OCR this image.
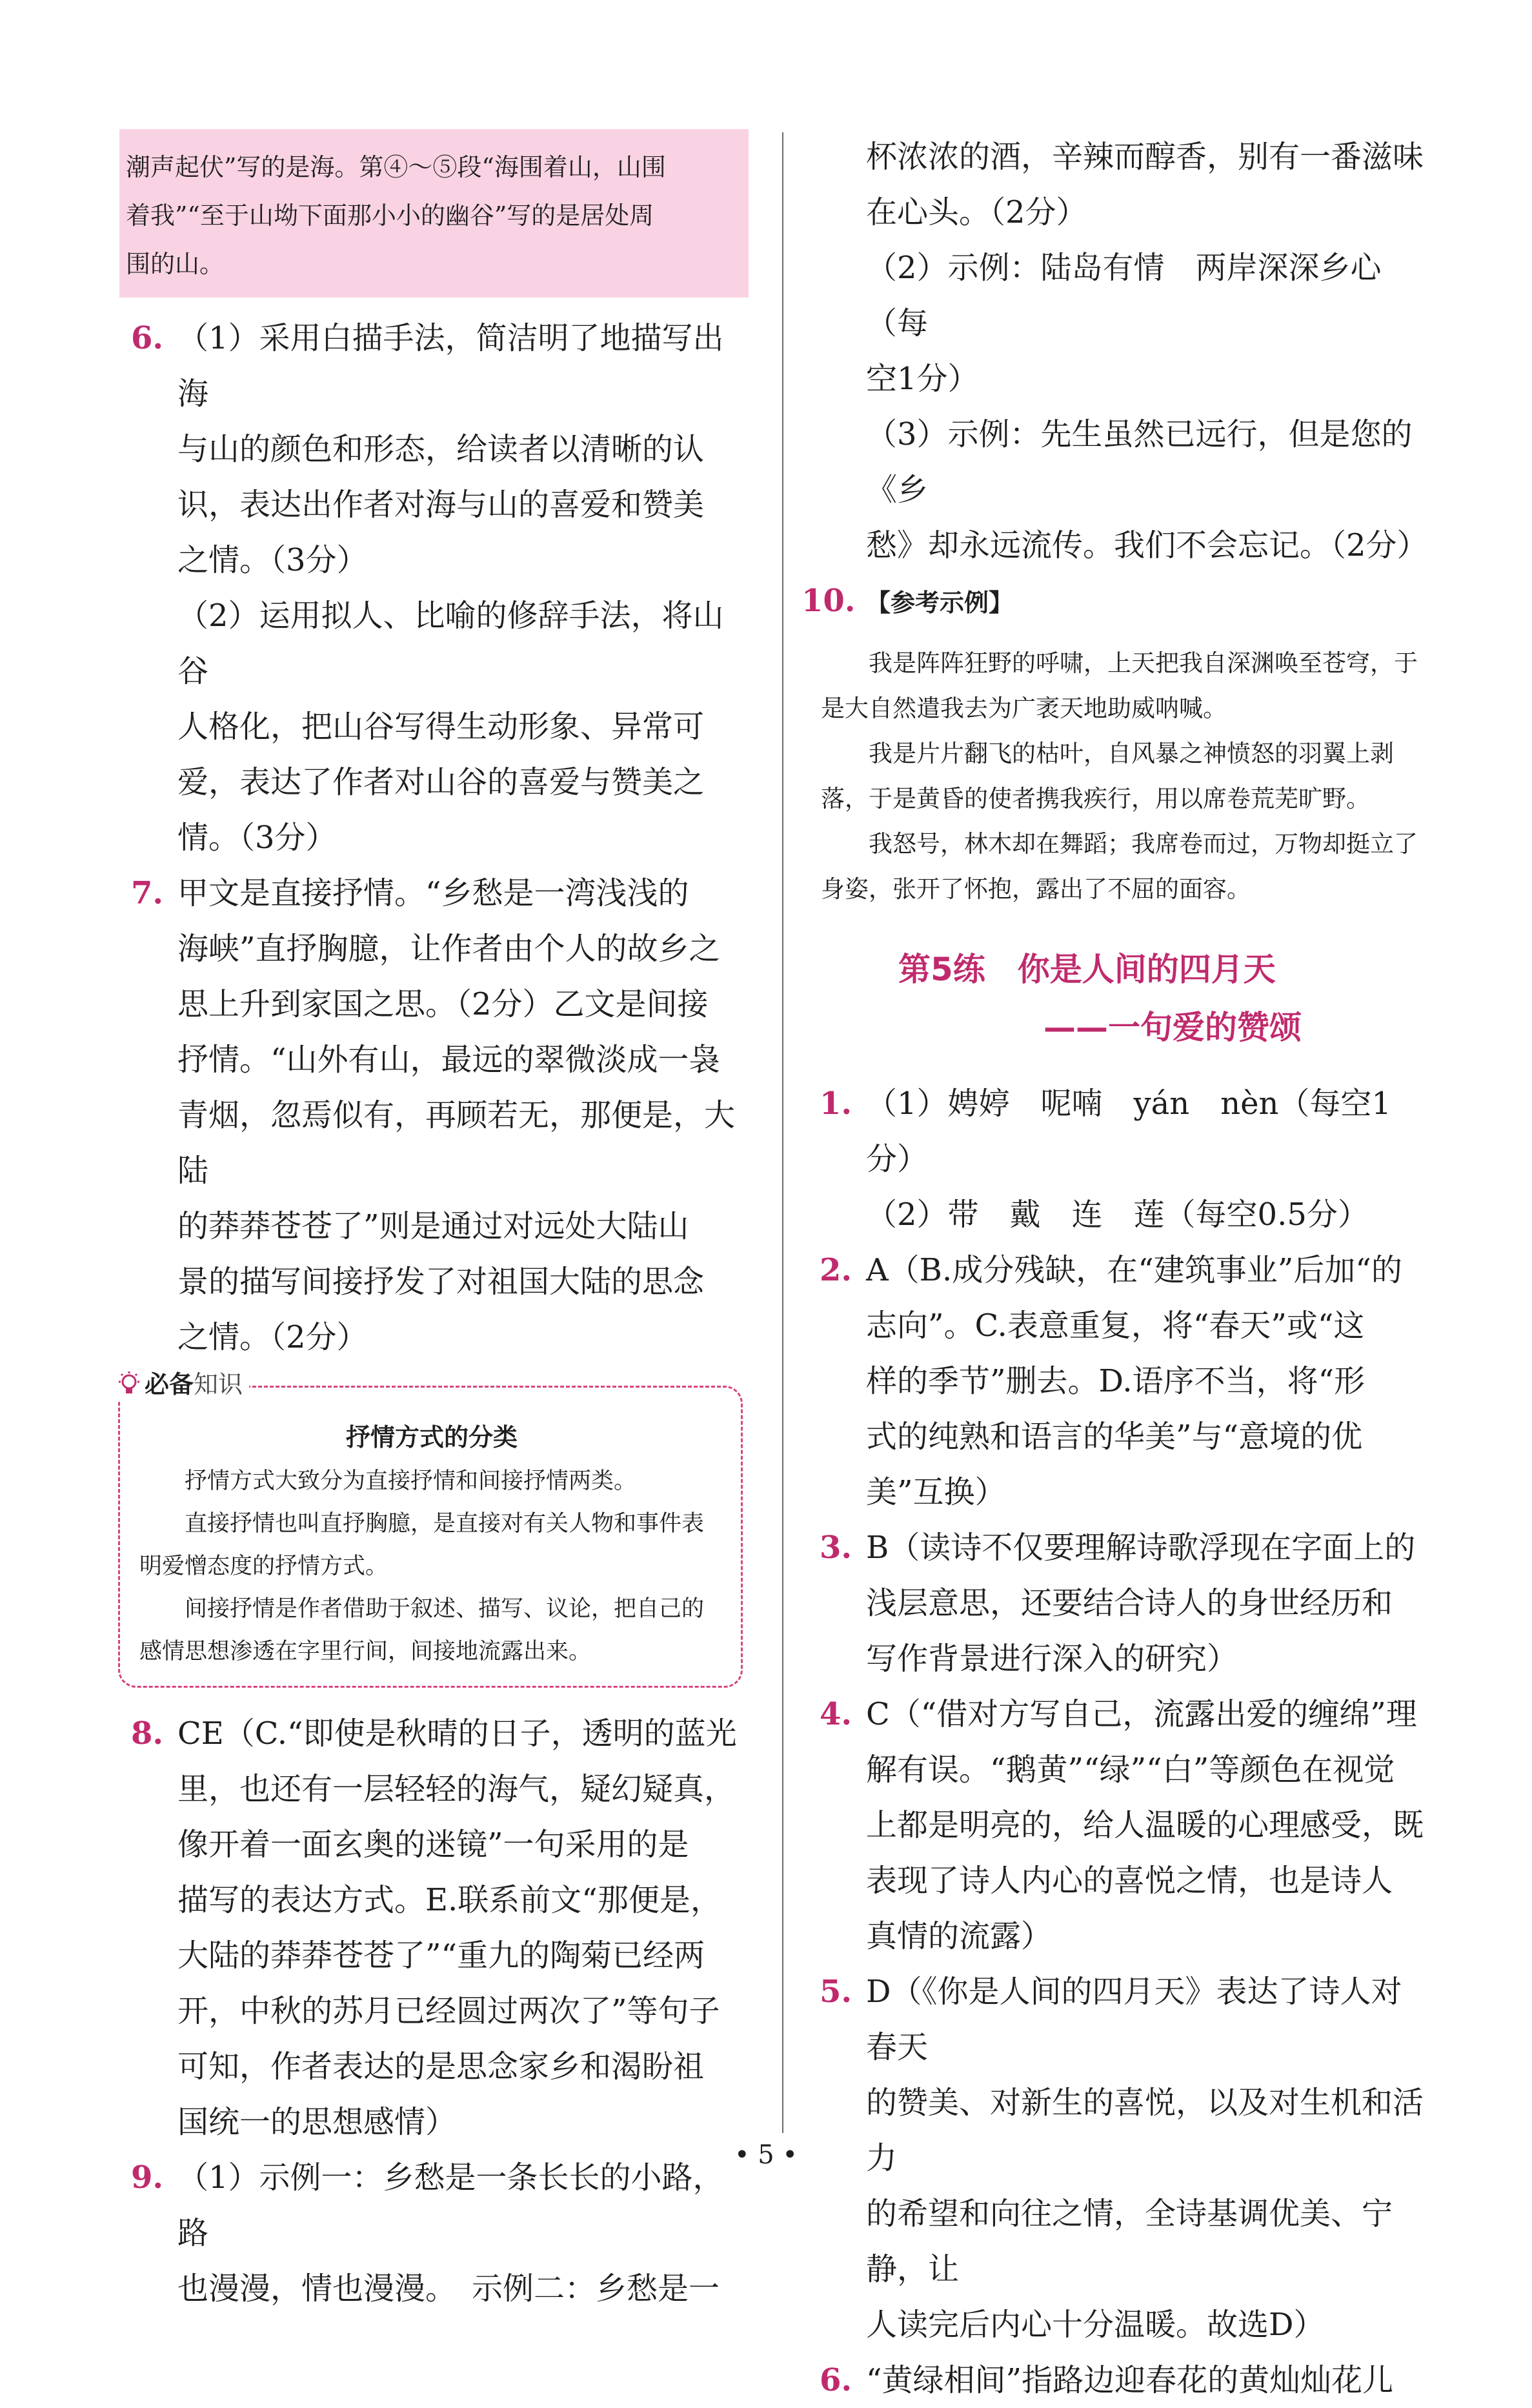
潮声起伏”写的是海。第④～⑤段“海围着山，山围
着我”“至于山坳下面那小小的幽谷”写的是居处周
围的山。
6. （1）采用白描手法，简洁明了地描写出海

与山的颜色和形态，给读者以清晰的认

识，表达出作者对海与山的喜爱和赞美

之情。（3分）

（2）运用拟人、比喻的修辞手法，将山谷

人格化，把山谷写得生动形象、异常可

爱，表达了作者对山谷的喜爱与赞美之

情。（3分）

7. 甲文是直接抒情。“乡愁是一湾浅浅的

海峡”直抒胸臆，让作者由个人的故乡之

思上升到家国之思。（2分）乙文是间接

抒情。“山外有山，最远的翠微淡成一袅

青烟，忽焉似有，再顾若无，那便是，大陆

的莽莽苍苍了”则是通过对远处大陆山

景的描写间接抒发了对祖国大陆的思念

之情。（2分）

必备 知识
抒情方式的分类

抒情方式大致分为直接抒情和间接抒情两类。

直接抒情也叫直抒胸臆，是直接对有关人物和事件表明爱憎态度的抒情方式。

间接抒情是作者借助于叙述、描写、议论，把自己的感情思想渗透在字里行间，间接地流露出来。

8. CE（C.“即使是秋晴的日子，透明的蓝光

里，也还有一层轻轻的海气，疑幻疑真，

像开着一面玄奥的迷镜”一句采用的是

描写的表达方式。E.联系前文“那便是，

大陆的莽莽苍苍了”“重九的陶菊已经两

开，中秋的苏月已经圆过两次了”等句子

可知，作者表达的是思念家乡和渴盼祖

国统一的思想感情）

9. （1）示例一：乡愁是一条长长的小路，路

也漫漫，情也漫漫。　示例二：乡愁是一

杯浓浓的酒，辛辣而醇香，别有一番滋味

在心头。（2分）

（2）示例：陆岛有情　两岸深深乡心（每

空1分）

（3）示例：先生虽然已远行，但是您的《乡

愁》却永远流传。我们不会忘记。（2分）

10. 【参考示例】

我是阵阵狂野的呼啸，上天把我自深渊唤至苍穹，于是大自然遣我去为广袤天地助威呐喊。

我是片片翻飞的枯叶，自风暴之神愤怒的羽翼上剥落，于是黄昏的使者携我疾行，用以席卷荒芜旷野。

我怒号，林木却在舞蹈；我席卷而过，万物却挺立了身姿，张开了怀抱，露出了不屈的面容。

第5练　你是人间的四月天
——一句爱的赞颂
1. （1）娉婷　呢喃　yán　nèn（每空1分）

（2）带　戴　连　莲（每空0.5分）

2. A（B.成分残缺，在“建筑事业”后加“的

志向”。C.表意重复，将“春天”或“这

样的季节”删去。D.语序不当，将“形

式的纯熟和语言的华美”与“意境的优

美”互换）

3. B（读诗不仅要理解诗歌浮现在字面上的

浅层意思，还要结合诗人的身世经历和

写作背景进行深入的研究）

4. C（“借对方写自己，流露出爱的缠绵”理

解有误。“鹅黄”“绿”“白”等颜色在视觉

上都是明亮的，给人温暖的心理感受，既

表现了诗人内心的喜悦之情，也是诗人

真情的流露）

5. D（《你是人间的四月天》表达了诗人对春天

的赞美、对新生的喜悦，以及对生机和活力

的希望和向往之情，全诗基调优美、宁静，让

人读完后内心十分温暖。故选D）

6. “黄绿相间”指路边迎春花的黄灿灿花儿

• 5 •
